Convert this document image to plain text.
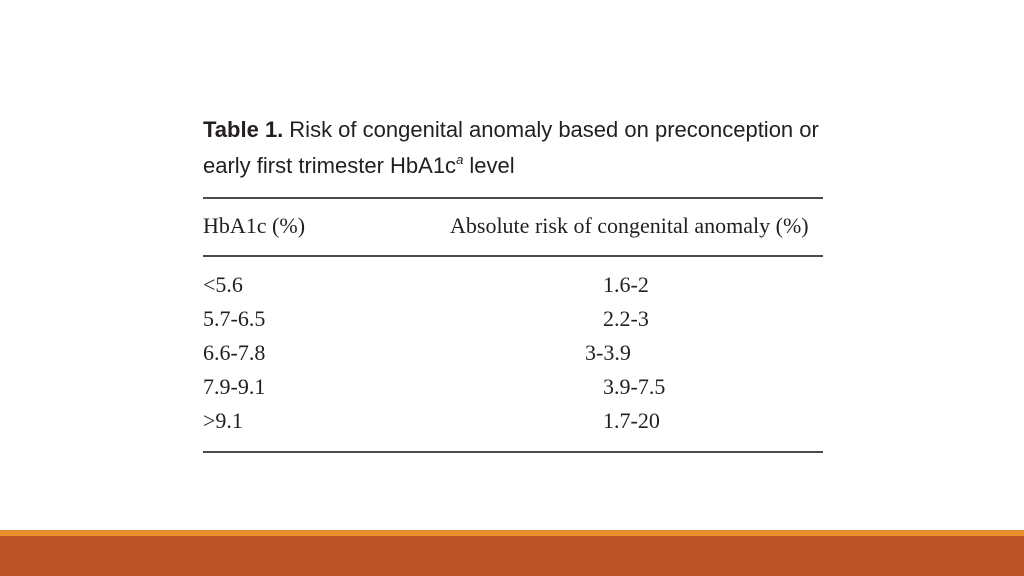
Table 1. Risk of congenital anomaly based on preconception or early first trimester $HbA1c^a$ level
HbA1c (%)	Absolute risk of congenital anomaly (%)
<5.6	1.6-2
5.7-6.5	2.2-3
6.6-7.8	3-3.9
7.9-9.1	3.9-7.5
>9.1	1.7-20
